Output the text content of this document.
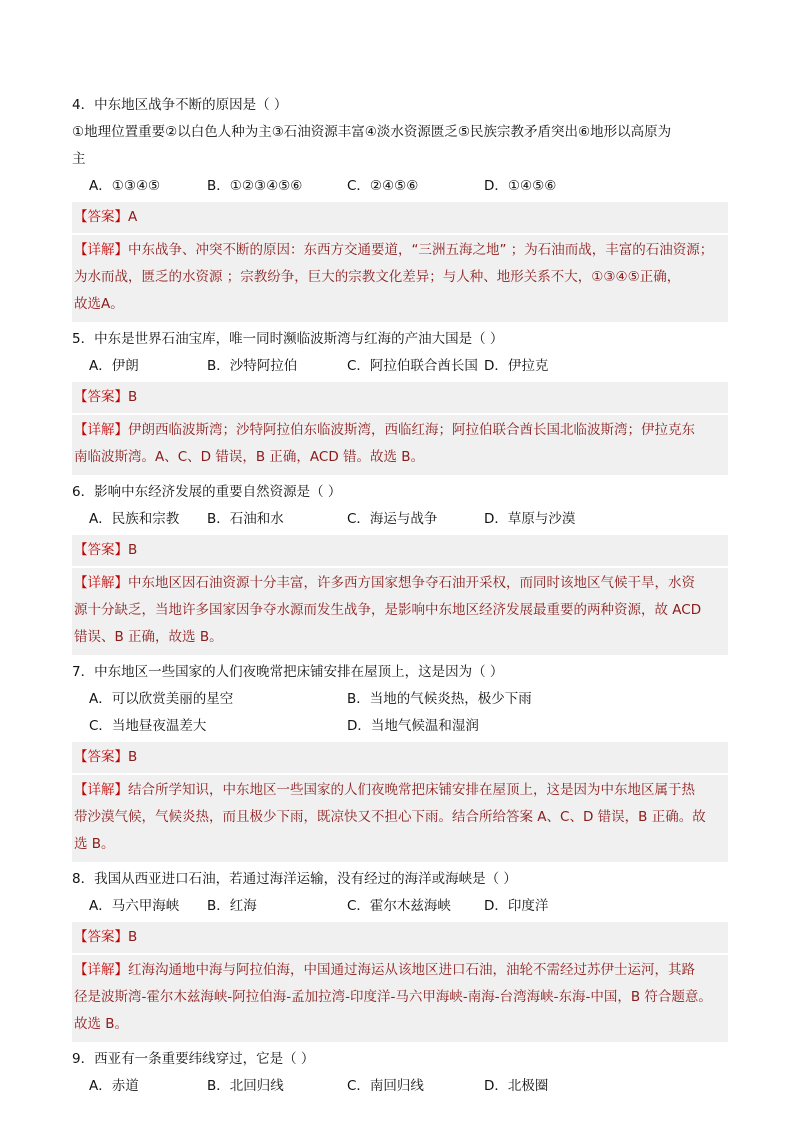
4．中东地区战争不断的原因是（ ）
①地理位置重要②以白色人种为主③石油资源丰富④淡水资源匮乏⑤民族宗教矛盾突出⑥地形以高原为
主
A．①③④⑤	B．①②③④⑤⑥	C．②④⑤⑥	D．①④⑤⑥
【答案】A
【详解】中东战争、冲突不断的原因：东西方交通要道，“三洲五海之地” ；为石油而战，丰富的石油资源；
为水而战，匮乏的水资源 ；宗教纷争，巨大的宗教文化差异；与人种、地形关系不大，①③④⑤正确，
故选A。
5．中东是世界石油宝库，唯一同时濒临波斯湾与红海的产油大国是（ ）
A．伊朗	B．沙特阿拉伯	C．阿拉伯联合酋长国 D．伊拉克
【答案】B
【详解】伊朗西临波斯湾；沙特阿拉伯东临波斯湾，西临红海；阿拉伯联合酋长国北临波斯湾；伊拉克东
南临波斯湾。A、C、D 错误，B 正确，ACD 错。故选 B。
6．影响中东经济发展的重要自然资源是（ ）
A．民族和宗教	B．石油和水	C．海运与战争	D．草原与沙漠
【答案】B
【详解】中东地区因石油资源十分丰富，许多西方国家想争夺石油开采权，而同时该地区气候干旱，水资
源十分缺乏，当地许多国家因争夺水源而发生战争，是影响中东地区经济发展最重要的两种资源，故 ACD
错误、B 正确，故选 B。
7．中东地区一些国家的人们夜晚常把床铺安排在屋顶上，这是因为（ ）
A．可以欣赏美丽的星空	B．当地的气候炎热，极少下雨
C．当地昼夜温差大	D．当地气候温和湿润
【答案】B
【详解】结合所学知识，中东地区一些国家的人们夜晚常把床铺安排在屋顶上，这是因为中东地区属于热
带沙漠气候，气候炎热，而且极少下雨，既凉快又不担心下雨。结合所给答案 A、C、D 错误，B 正确。故
选 B。
8．我国从西亚进口石油，若通过海洋运输，没有经过的海洋或海峡是（ ）
A．马六甲海峡	B．红海	C．霍尔木兹海峡	D．印度洋
【答案】B
【详解】红海沟通地中海与阿拉伯海，中国通过海运从该地区进口石油，油轮不需经过苏伊士运河，其路
径是波斯湾-霍尔木兹海峡-阿拉伯海-孟加拉湾-印度洋-马六甲海峡-南海-台湾海峡-东海-中国，B 符合题意。
故选 B。
9．西亚有一条重要纬线穿过，它是（ ）
A．赤道	B．北回归线	C．南回归线	D．北极圈
